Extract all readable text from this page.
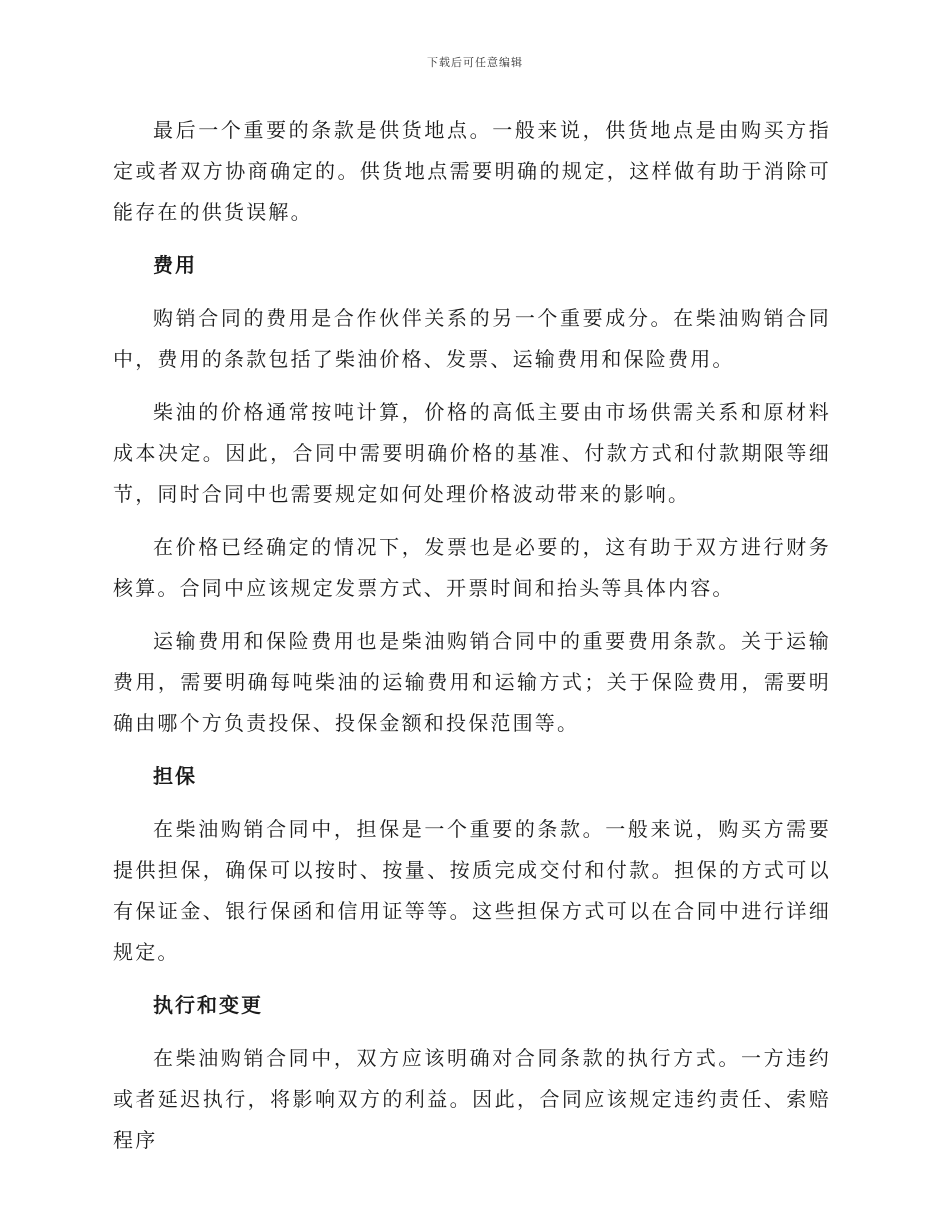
下载后可任意编辑

最后一个重要的条款是供货地点。一般来说，供货地点是由购买方指定或者双方协商确定的。供货地点需要明确的规定，这样做有助于消除可能存在的供货误解。

费用

购销合同的费用是合作伙伴关系的另一个重要成分。在柴油购销合同中，费用的条款包括了柴油价格、发票、运输费用和保险费用。

柴油的价格通常按吨计算，价格的高低主要由市场供需关系和原材料成本决定。因此，合同中需要明确价格的基准、付款方式和付款期限等细节，同时合同中也需要规定如何处理价格波动带来的影响。

在价格已经确定的情况下，发票也是必要的，这有助于双方进行财务核算。合同中应该规定发票方式、开票时间和抬头等具体内容。

运输费用和保险费用也是柴油购销合同中的重要费用条款。关于运输费用，需要明确每吨柴油的运输费用和运输方式；关于保险费用，需要明确由哪个方负责投保、投保金额和投保范围等。

担保

在柴油购销合同中，担保是一个重要的条款。一般来说，购买方需要提供担保，确保可以按时、按量、按质完成交付和付款。担保的方式可以有保证金、银行保函和信用证等等。这些担保方式可以在合同中进行详细规定。

执行和变更

在柴油购销合同中，双方应该明确对合同条款的执行方式。一方违约或者延迟执行，将影响双方的利益。因此，合同应该规定违约责任、索赔程序
